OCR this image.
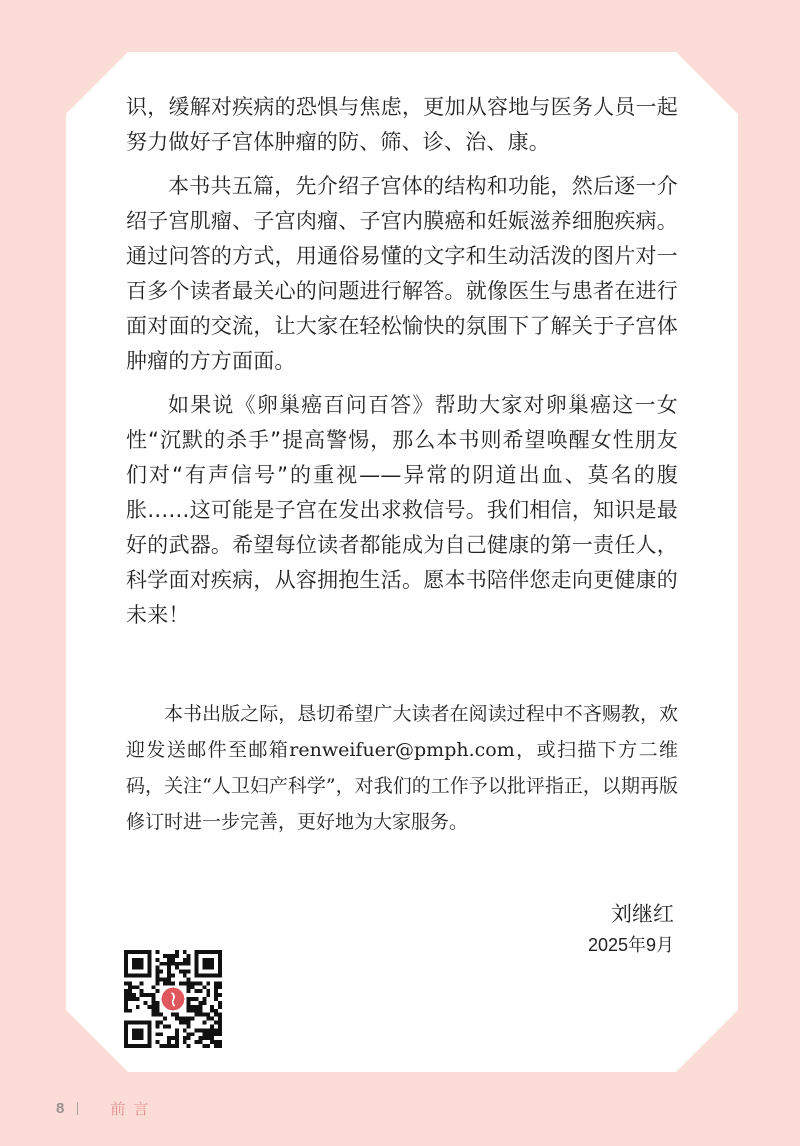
识，缓解对疾病的恐惧与焦虑，更加从容地与医务人员一起努力做好子宫体肿瘤的防、筛、诊、治、康。

本书共五篇，先介绍子宫体的结构和功能，然后逐一介绍子宫肌瘤、子宫肉瘤、子宫内膜癌和妊娠滋养细胞疾病。通过问答的方式，用通俗易懂的文字和生动活泼的图片对一百多个读者最关心的问题进行解答。就像医生与患者在进行面对面的交流，让大家在轻松愉快的氛围下了解关于子宫体肿瘤的方方面面。

如果说《卵巢癌百问百答》帮助大家对卵巢癌这一女性“沉默的杀手”提高警惕，那么本书则希望唤醒女性朋友们对“有声信号”的重视——异常的阴道出血、莫名的腹胀……这可能是子宫在发出求救信号。我们相信，知识是最好的武器。希望每位读者都能成为自己健康的第一责任人，科学面对疾病，从容拥抱生活。愿本书陪伴您走向更健康的未来！

本书出版之际，恳切希望广大读者在阅读过程中不吝赐教，欢迎发送邮件至邮箱renweifuer@pmph.com，或扫描下方二维码，关注“人卫妇产科学”，对我们的工作予以批评指正，以期再版修订时进一步完善，更好地为大家服务。

刘继红
2025年9月
8	前言
